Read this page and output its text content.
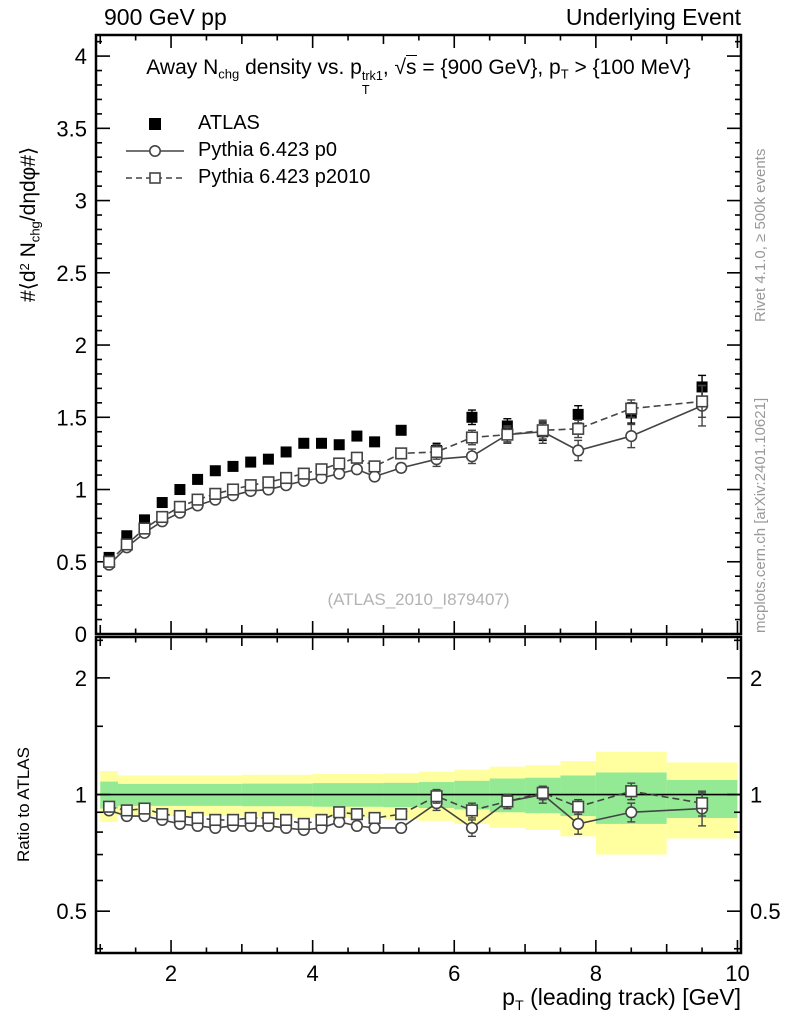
0
0.5
1
1.5
2
2.5
3
3.5
4
0.5	0.5
1	1
2	2
2	4	6	8	10
900 GeV pp	Underlying Event
Away $N_{chg}$ density vs. p trk1
T
, √s = {900 GeV}, $p_T > \{100$ MeV}
ATLAS
Pythia 6.423 p0
Pythia 6.423 p2010
$\#⟨d^2$ $N_{chg}/d\eta d\varphi\#⟩$
Ratio to ATLAS
$p_T$ (leading track) [GeV]
(ATLAS_2010_I879407)
Rivet 4.1.0, ≥ 500k events
mcplots.cern.ch [arXiv:2401.10621]
